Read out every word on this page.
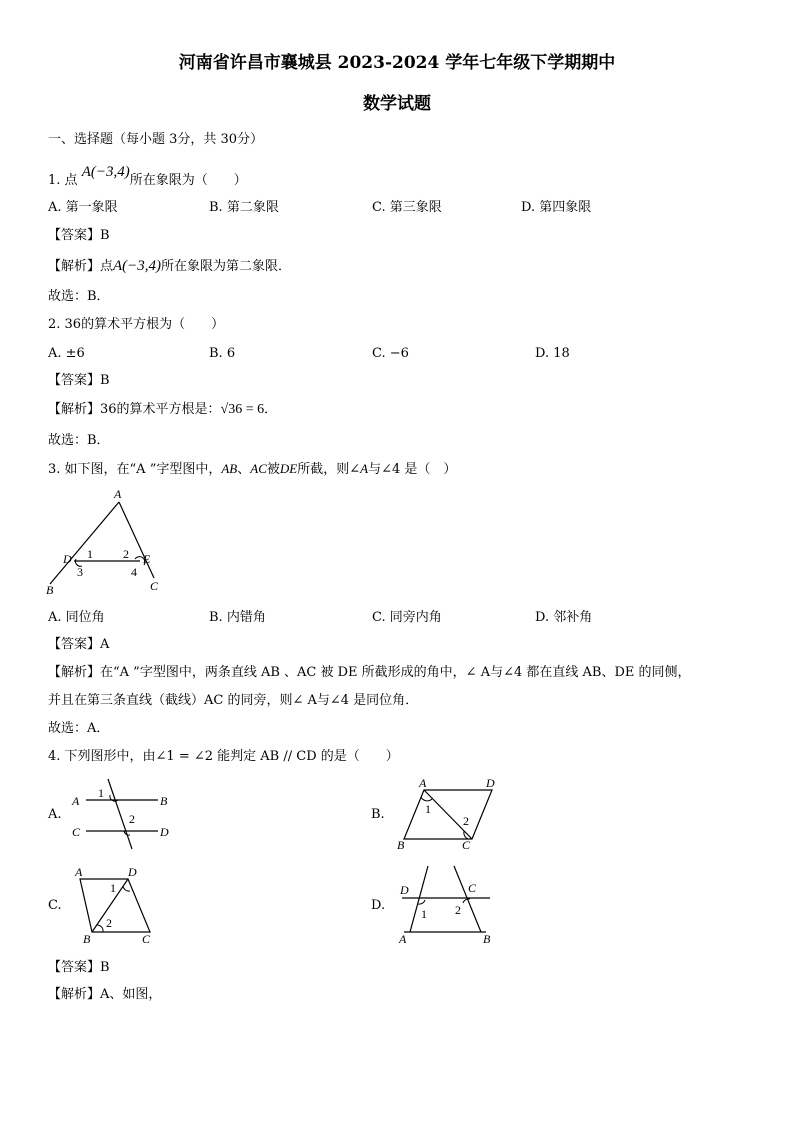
河南省许昌市襄城县 2023-2024 学年七年级下学期期中
数学试题
一、选择题（每小题 3分，共 30分）
1. 点 A(−3,4)所在象限为（　　）
A. 第一象限	B. 第二象限	C. 第三象限	D. 第四象限
【答案】B
【解析】点A(−3,4)所在象限为第二象限．
故选：B．
2. 36的算术平方根为（　　）
A. ±6	B. 6	C. −6	D. 18
【答案】B
【解析】36的算术平方根是：√36 = 6．
故选：B．
3. 如下图，在“A ”字型图中，AB、AC被DE所截，则∠A与∠4 是（　）
A
D	E
B	C
1	2
3	4
A. 同位角	B. 内错角	C. 同旁内角	D. 邻补角
【答案】A
【解析】在“A ”字型图中，两条直线 AB 、AC 被 DE 所截形成的角中，∠ A与∠4 都在直线 AB、DE 的同侧，
并且在第三条直线（截线）AC 的同旁，则∠ A与∠4 是同位角．
故选：A．
4. 下列图形中，由∠1 = ∠2 能判定 AB // CD 的是（　　）
A.
A	B
C	D
1
2	B.
A	D
B	C
1
2
C.
A	D
B	C
1
2
D.
D	C
A	B
1 2
【答案】B
【解析】A、如图，
